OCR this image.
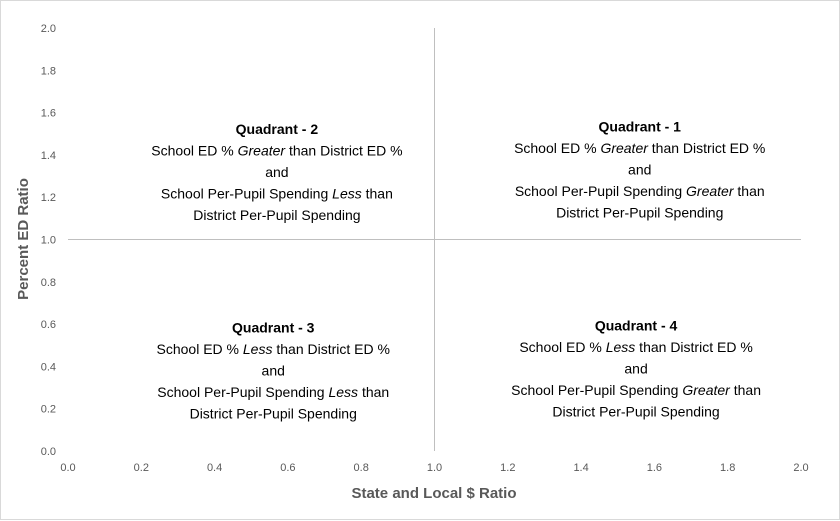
0.0	0.2	0.4	0.6	0.8	1.0	1.2	1.4	1.6	1.8	2.0
0.0
0.2
0.4
0.6
0.8
1.0
1.2
1.4
1.6
1.8
2.0
Quadrant - 1
School ED % Greater than District ED %
and
School Per-Pupil Spending Greater than
District Per-Pupil Spending
Quadrant - 2
School ED % Greater than District ED %
and
School Per-Pupil Spending Less than
District Per-Pupil Spending
Quadrant - 3
School ED % Less than District ED %
and
School Per-Pupil Spending Less than
District Per-Pupil Spending
Quadrant - 4
School ED % Less than District ED %
and
School Per-Pupil Spending Greater than
District Per-Pupil Spending
State and Local $ Ratio
Percent ED Ratio
